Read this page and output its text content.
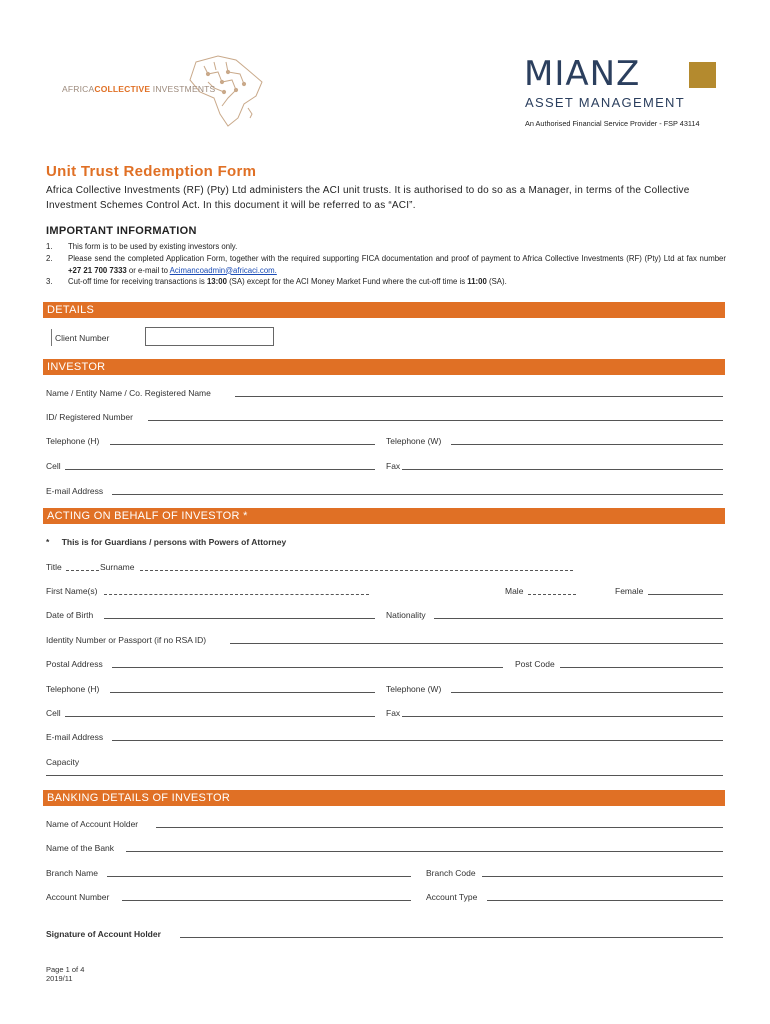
AFRICACOLLECTIVE INVESTMENTS	MIANZ
ASSET MANAGEMENT
An Authorised Financial Service Provider - FSP 43114
Unit Trust Redemption Form
Africa Collective Investments (RF) (Pty) Ltd administers the ACI unit trusts. It is authorised to do so as a Manager, in terms of the Collective Investment Schemes Control Act. In this document it will be referred to as “ACI”.
IMPORTANT INFORMATION
1. This form is to be used by existing investors only.
2. Please send the completed Application Form, together with the required supporting FICA documentation and proof of payment to Africa Collective Investments (RF) (Pty) Ltd at fax number +27 21 700 7333 or e-mail to Acimancoadmin@africaci.com.
3. Cut-off time for receiving transactions is 13:00 (SA) except for the ACI Money Market Fund where the cut-off time is 11:00 (SA).
DETAILS
Client Number
INVESTOR
Name / Entity Name / Co. Registered Name
ID/ Registered Number
Telephone (H)	Telephone (W)
Cell	Fax
E-mail Address
ACTING ON BEHALF OF INVESTOR *
* This is for Guardians / persons with Powers of Attorney
Title	Surname
First Name(s)	Male	Female
Date of Birth	Nationality
Identity Number or Passport (if no RSA ID)
Postal Address	Post Code
Telephone (H)	Telephone (W)
Cell	Fax
E-mail Address
Capacity
BANKING DETAILS OF INVESTOR
Name of Account Holder
Name of the Bank
Branch Name	Branch Code
Account Number	Account Type
Signature of Account Holder
Page 1 of 4
2019/11
